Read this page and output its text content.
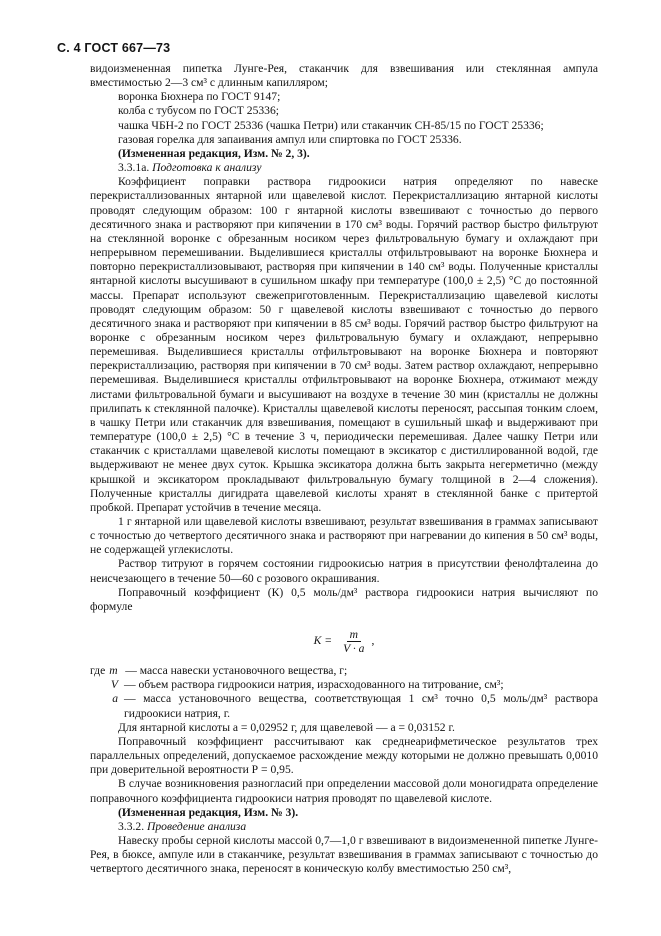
С. 4 ГОСТ 667—73

видоизмененная пипетка Лунге-Рея, стаканчик для взвешивания или стеклянная ампула вместимостью 2—3 см³ с длинным капилляром;

воронка Бюхнера по ГОСТ 9147;

колба с тубусом по ГОСТ 25336;

чашка ЧБН-2 по ГОСТ 25336 (чашка Петри) или стаканчик СН-85/15 по ГОСТ 25336;

газовая горелка для запаивания ампул или спиртовка по ГОСТ 25336.

(Измененная редакция, Изм. № 2, 3).

3.3.1а. Подготовка к анализу

Коэффициент поправки раствора гидроокиси натрия определяют по навеске перекристаллизованных янтарной или щавелевой кислот. Перекристаллизацию янтарной кислоты проводят следующим образом: 100 г янтарной кислоты взвешивают с точностью до первого десятичного знака и растворяют при кипячении в 170 см³ воды. Горячий раствор быстро фильтруют на стеклянной воронке с обрезанным носиком через фильтровальную бумагу и охлаждают при непрерывном перемешивании. Выделившиеся кристаллы отфильтровывают на воронке Бюхнера и повторно перекристаллизовывают, растворяя при кипячении в 140 см³ воды. Полученные кристаллы янтарной кислоты высушивают в сушильном шкафу при температуре (100,0 ± 2,5) °С до постоянной массы. Препарат используют свежеприготовленным. Перекристаллизацию щавелевой кислоты проводят следующим образом: 50 г щавелевой кислоты взвешивают с точностью до первого десятичного знака и растворяют при кипячении в 85 см³ воды. Горячий раствор быстро фильтруют на воронке с обрезанным носиком через фильтровальную бумагу и охлаждают, непрерывно перемешивая. Выделившиеся кристаллы отфильтровывают на воронке Бюхнера и повторяют перекристаллизацию, растворяя при кипячении в 70 см³ воды. Затем раствор охлаждают, непрерывно перемешивая. Выделившиеся кристаллы отфильтровывают на воронке Бюхнера, отжимают между листами фильтровальной бумаги и высушивают на воздухе в течение 30 мин (кристаллы не должны прилипать к стеклянной палочке). Кристаллы щавелевой кислоты переносят, рассыпая тонким слоем, в чашку Петри или стаканчик для взвешивания, помещают в сушильный шкаф и выдерживают при температуре (100,0 ± 2,5) °С в течение 3 ч, периодически перемешивая. Далее чашку Петри или стаканчик с кристаллами щавелевой кислоты помещают в эксикатор с дистиллированной водой, где выдерживают не менее двух суток. Крышка эксикатора должна быть закрыта негерметично (между крышкой и эксикатором прокладывают фильтровальную бумагу толщиной в 2—4 сложения). Полученные кристаллы дигидрата щавелевой кислоты хранят в стеклянной банке с притертой пробкой. Препарат устойчив в течение месяца.

1 г янтарной или щавелевой кислоты взвешивают, результат взвешивания в граммах записывают с точностью до четвертого десятичного знака и растворяют при нагревании до кипения в 50 см³ воды, не содержащей углекислоты.

Раствор титруют в горячем состоянии гидроокисью натрия в присутствии фенолфталеина до неисчезающего в течение 50—60 с розового окрашивания.

Поправочный коэффициент (К) 0,5 моль/дм³ раствора гидроокиси натрия вычисляют по формуле

$К = \frac{m}{V \cdot a}$ ,
где m — масса навески установочного вещества, г;
V — объем раствора гидроокиси натрия, израсходованного на титрование, см³;
a — масса установочного вещества, соответствующая 1 см³ точно 0,5 моль/дм³ раствора гидроокиси натрия, г.

Для янтарной кислоты а = 0,02952 г, для щавелевой — а = 0,03152 г.

Поправочный коэффициент рассчитывают как среднеарифметическое результатов трех параллельных определений, допускаемое расхождение между которыми не должно превышать 0,0010 при доверительной вероятности Р = 0,95.

В случае возникновения разногласий при определении массовой доли моногидрата определение поправочного коэффициента гидроокиси натрия проводят по щавелевой кислоте.

(Измененная редакция, Изм. № 3).

3.3.2. Проведение анализа

Навеску пробы серной кислоты массой 0,7—1,0 г взвешивают в видоизмененной пипетке Лунге-Рея, в бюксе, ампуле или в стаканчике, результат взвешивания в граммах записывают с точностью до четвертого десятичного знака, переносят в коническую колбу вместимостью 250 см³,
